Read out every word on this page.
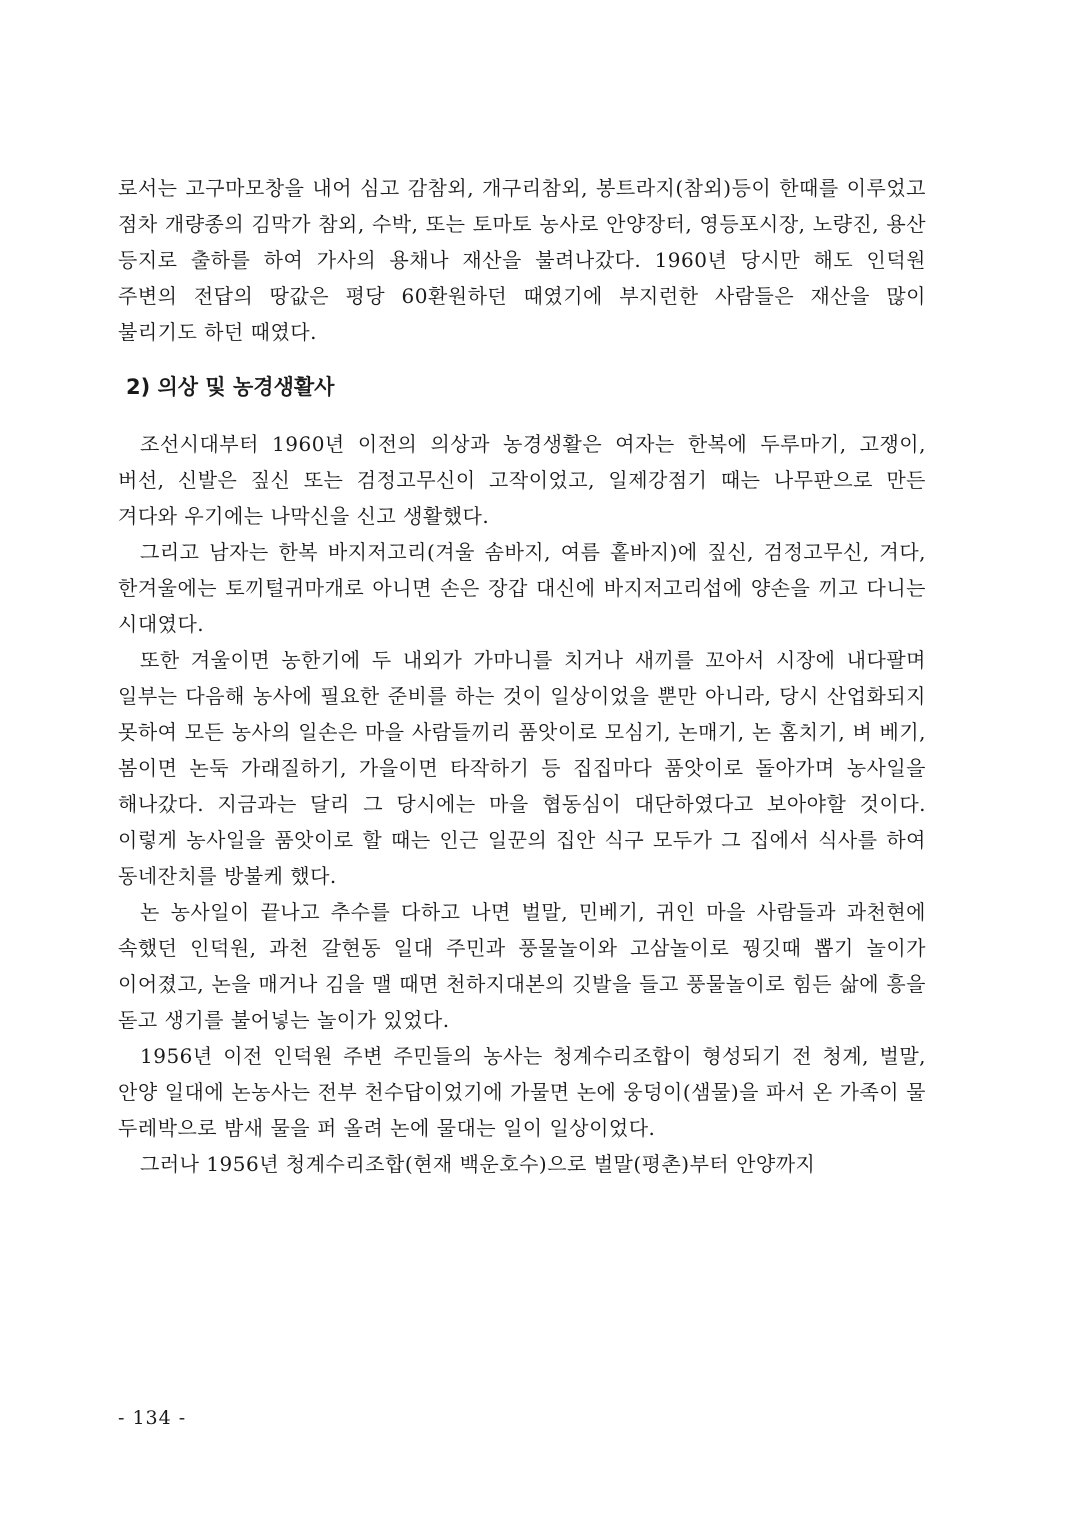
로서는 고구마모창을 내어 심고 감참외, 개구리참외, 봉트라지(참외)등이 한때를 이루었고 점차 개량종의 김막가 참외, 수박, 또는 토마토 농사로 안양장터, 영등포시장, 노량진, 용산 등지로 출하를 하여 가사의 용채나 재산을 불려나갔다. 1960년 당시만 해도 인덕원 주변의 전답의 땅값은 평당 60환원하던 때였기에 부지런한 사람들은 재산을 많이 불리기도 하던 때였다.

2) 의상 및 농경생활사

조선시대부터 1960년 이전의 의상과 농경생활은 여자는 한복에 두루마기, 고쟁이, 버선, 신발은 짚신 또는 검정고무신이 고작이었고, 일제강점기 때는 나무판으로 만든 겨다와 우기에는 나막신을 신고 생활했다.

그리고 남자는 한복 바지저고리(겨울 솜바지, 여름 홑바지)에 짚신, 검정고무신, 겨다, 한겨울에는 토끼털귀마개로 아니면 손은 장갑 대신에 바지저고리섭에 양손을 끼고 다니는 시대였다.

또한 겨울이면 농한기에 두 내외가 가마니를 치거나 새끼를 꼬아서 시장에 내다팔며 일부는 다음해 농사에 필요한 준비를 하는 것이 일상이었을 뿐만 아니라, 당시 산업화되지 못하여 모든 농사의 일손은 마을 사람들끼리 품앗이로 모심기, 논매기, 논 홈치기, 벼 베기, 봄이면 논둑 가래질하기, 가을이면 타작하기 등 집집마다 품앗이로 돌아가며 농사일을 해나갔다. 지금과는 달리 그 당시에는 마을 협동심이 대단하였다고 보아야할 것이다. 이렇게 농사일을 품앗이로 할 때는 인근 일꾼의 집안 식구 모두가 그 집에서 식사를 하여 동네잔치를 방불케 했다.

논 농사일이 끝나고 추수를 다하고 나면 벌말, 민베기, 귀인 마을 사람들과 과천현에 속했던 인덕원, 과천 갈현동 일대 주민과 풍물놀이와 고삼놀이로 꿩깃때 뽑기 놀이가 이어졌고, 논을 매거나 김을 맬 때면 천하지대본의 깃발을 들고 풍물놀이로 힘든 삶에 흥을 돋고 생기를 불어넣는 놀이가 있었다.

1956년 이전 인덕원 주변 주민들의 농사는 청계수리조합이 형성되기 전 청계, 벌말, 안양 일대에 논농사는 전부 천수답이었기에 가물면 논에 웅덩이(샘물)을 파서 온 가족이 물 두레박으로 밤새 물을 퍼 올려 논에 물대는 일이 일상이었다.

그러나 1956년 청계수리조합(현재 백운호수)으로 벌말(평촌)부터 안양까지

- 134 -
